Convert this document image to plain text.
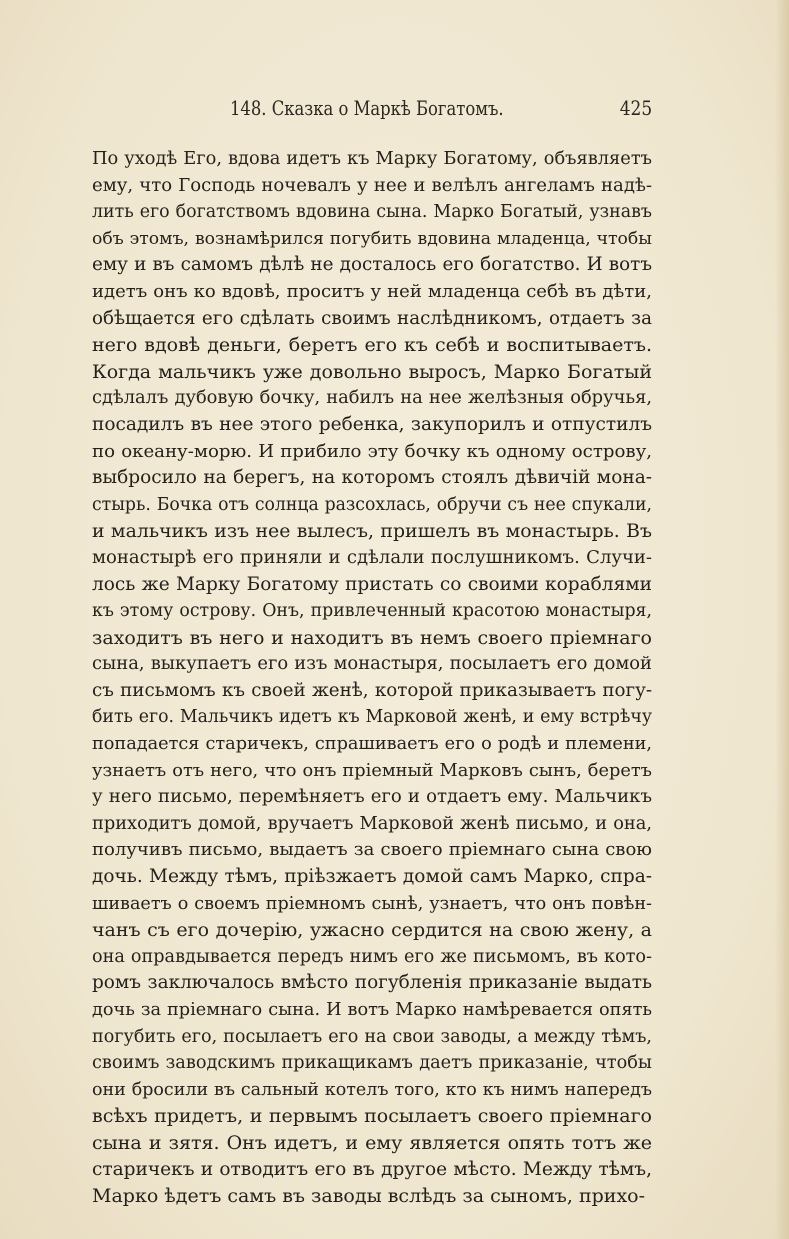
148. Сказка о Маркѣ Богатомъ.	425
По уходѣ Его, вдова идетъ къ Марку Богатому, объявляетъ
ему, что Господь ночевалъ у нее и велѣлъ ангеламъ надѣ-
лить его богатствомъ вдовина сына. Марко Богатый, узнавъ
объ этомъ, вознамѣрился погубить вдовина младенца, чтобы
ему и въ самомъ дѣлѣ не досталось его богатство. И вотъ
идетъ онъ ко вдовѣ, проситъ у ней младенца себѣ въ дѣти,
обѣщается его сдѣлать своимъ наслѣдникомъ, отдаетъ за
него вдовѣ деньги, беретъ его къ себѣ и воспитываетъ.
Когда мальчикъ уже довольно выросъ, Марко Богатый
сдѣлалъ дубовую бочку, набилъ на нее желѣзныя обручья,
посадилъ въ нее этого ребенка, закупорилъ и отпустилъ
по океану-морю. И прибило эту бочку къ одному острову,
выбросило на берегъ, на которомъ стоялъ дѣвичій мона-
стырь. Бочка отъ солнца разсохлась, обручи съ нее спукали,
и мальчикъ изъ нее вылесъ, пришелъ въ монастырь. Въ
монастырѣ его приняли и сдѣлали послушникомъ. Случи-
лось же Марку Богатому пристать со своими кораблями
къ этому острову. Онъ, привлеченный красотою монастыря,
заходитъ въ него и находитъ въ немъ своего пріемнаго
сына, выкупаетъ его изъ монастыря, посылаетъ его домой
съ письмомъ къ своей женѣ, которой приказываетъ погу-
бить его. Мальчикъ идетъ къ Марковой женѣ, и ему встрѣчу
попадается старичекъ, спрашиваетъ его о родѣ и племени,
узнаетъ отъ него, что онъ пріемный Марковъ сынъ, беретъ
у него письмо, перемѣняетъ его и отдаетъ ему. Мальчикъ
приходитъ домой, вручаетъ Марковой женѣ письмо, и она,
получивъ письмо, выдаетъ за своего пріемнаго сына свою
дочь. Между тѣмъ, пріѣзжаетъ домой самъ Марко, спра-
шиваетъ о своемъ пріемномъ сынѣ, узнаетъ, что онъ повѣн-
чанъ съ его дочерію, ужасно сердится на свою жену, а
она оправдывается передъ нимъ его же письмомъ, въ кото-
ромъ заключалось вмѣсто погубленія приказаніе выдать
дочь за пріемнаго сына. И вотъ Марко намѣревается опять
погубить его, посылаетъ его на свои заводы, а между тѣмъ,
своимъ заводскимъ прикащикамъ даетъ приказаніе, чтобы
они бросили въ сальный котелъ того, кто къ нимъ напередъ
всѣхъ придетъ, и первымъ посылаетъ своего пріемнаго
сына и зятя. Онъ идетъ, и ему является опять тотъ же
старичекъ и отводитъ его въ другое мѣсто. Между тѣмъ,
Марко ѣдетъ самъ въ заводы вслѣдъ за сыномъ, прихо-
